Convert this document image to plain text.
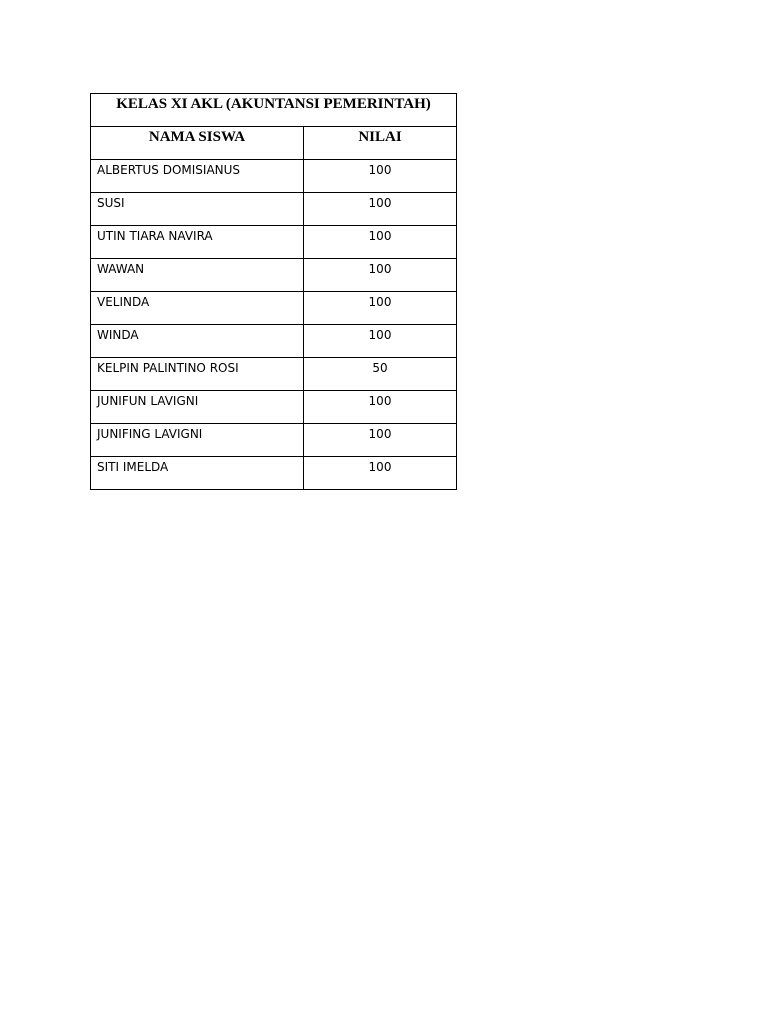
KELAS XI AKL (AKUNTANSI PEMERINTAH)	
NAMA SISWA	NILAI
ALBERTUS DOMISIANUS	100
SUSI	100
UTIN TIARA NAVIRA	100
WAWAN	100
VELINDA	100
WINDA	100
KELPIN PALINTINO ROSI	50
JUNIFUN LAVIGNI	100
JUNIFING LAVIGNI	100
SITI IMELDA	100
